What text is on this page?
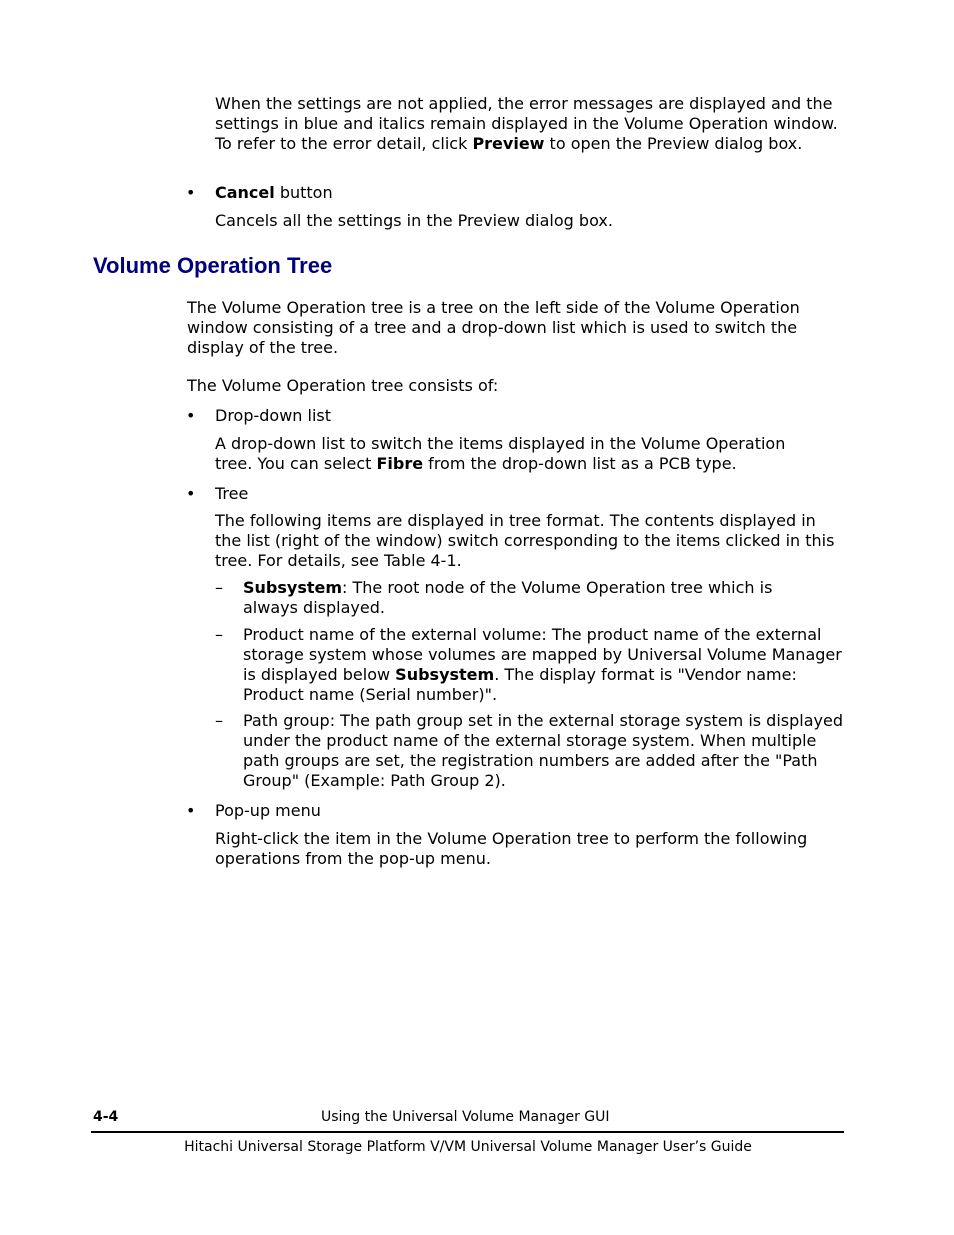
When the settings are not applied, the error messages are displayed and the settings in blue and italics remain displayed in the Volume Operation window. To refer to the error detail, click Preview to open the Preview dialog box.

• Cancel button

Cancels all the settings in the Preview dialog box.

Volume Operation Tree

The Volume Operation tree is a tree on the left side of the Volume Operation window consisting of a tree and a drop-down list which is used to switch the display of the tree.

The Volume Operation tree consists of:

• Drop-down list

A drop-down list to switch the items displayed in the Volume Operation tree. You can select Fibre from the drop-down list as a PCB type.

• Tree

The following items are displayed in tree format. The contents displayed in the list (right of the window) switch corresponding to the items clicked in this tree. For details, see Table 4-1.

– Subsystem: The root node of the Volume Operation tree which is always displayed.

– Product name of the external volume: The product name of the external storage system whose volumes are mapped by Universal Volume Manager is displayed below Subsystem. The display format is "Vendor name: Product name (Serial number)".

– Path group: The path group set in the external storage system is displayed under the product name of the external storage system. When multiple path groups are set, the registration numbers are added after the "Path Group" (Example: Path Group 2).

• Pop-up menu

Right-click the item in the Volume Operation tree to perform the following operations from the pop-up menu.

4-4	Using the Universal Volume Manager GUI
Hitachi Universal Storage Platform V/VM Universal Volume Manager User’s Guide
